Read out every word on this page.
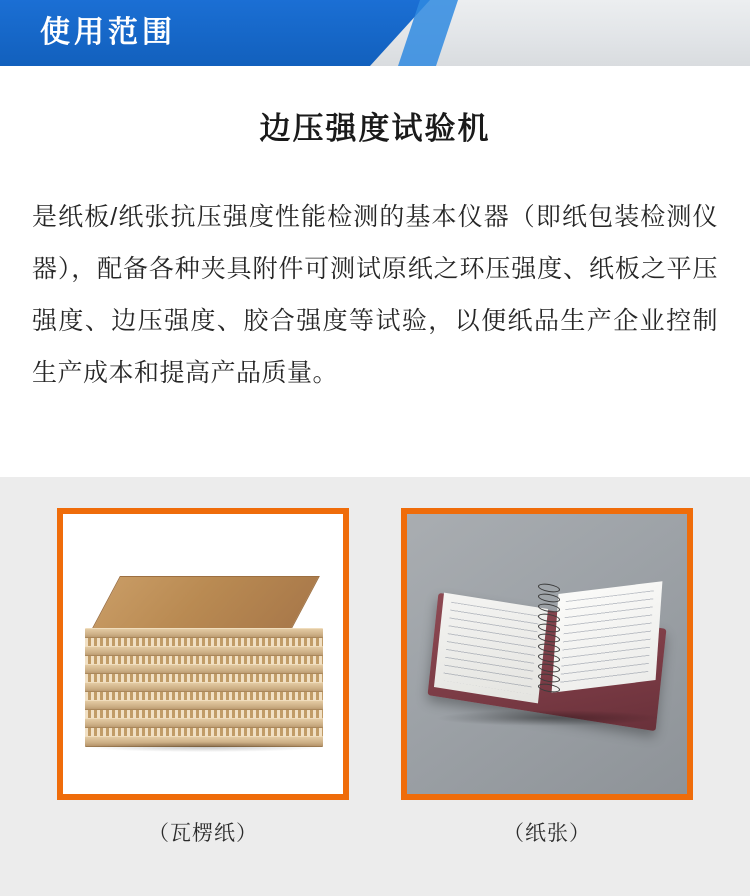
使用范围
边压强度试验机

是纸板/纸张抗压强度性能检测的基本仪器（即纸包装检测仪器），配备各种夹具附件可测试原纸之环压强度、纸板之平压强度、边压强度、胶合强度等试验，以便纸品生产企业控制生产成本和提高产品质量。

（瓦楞纸）	（纸张）
